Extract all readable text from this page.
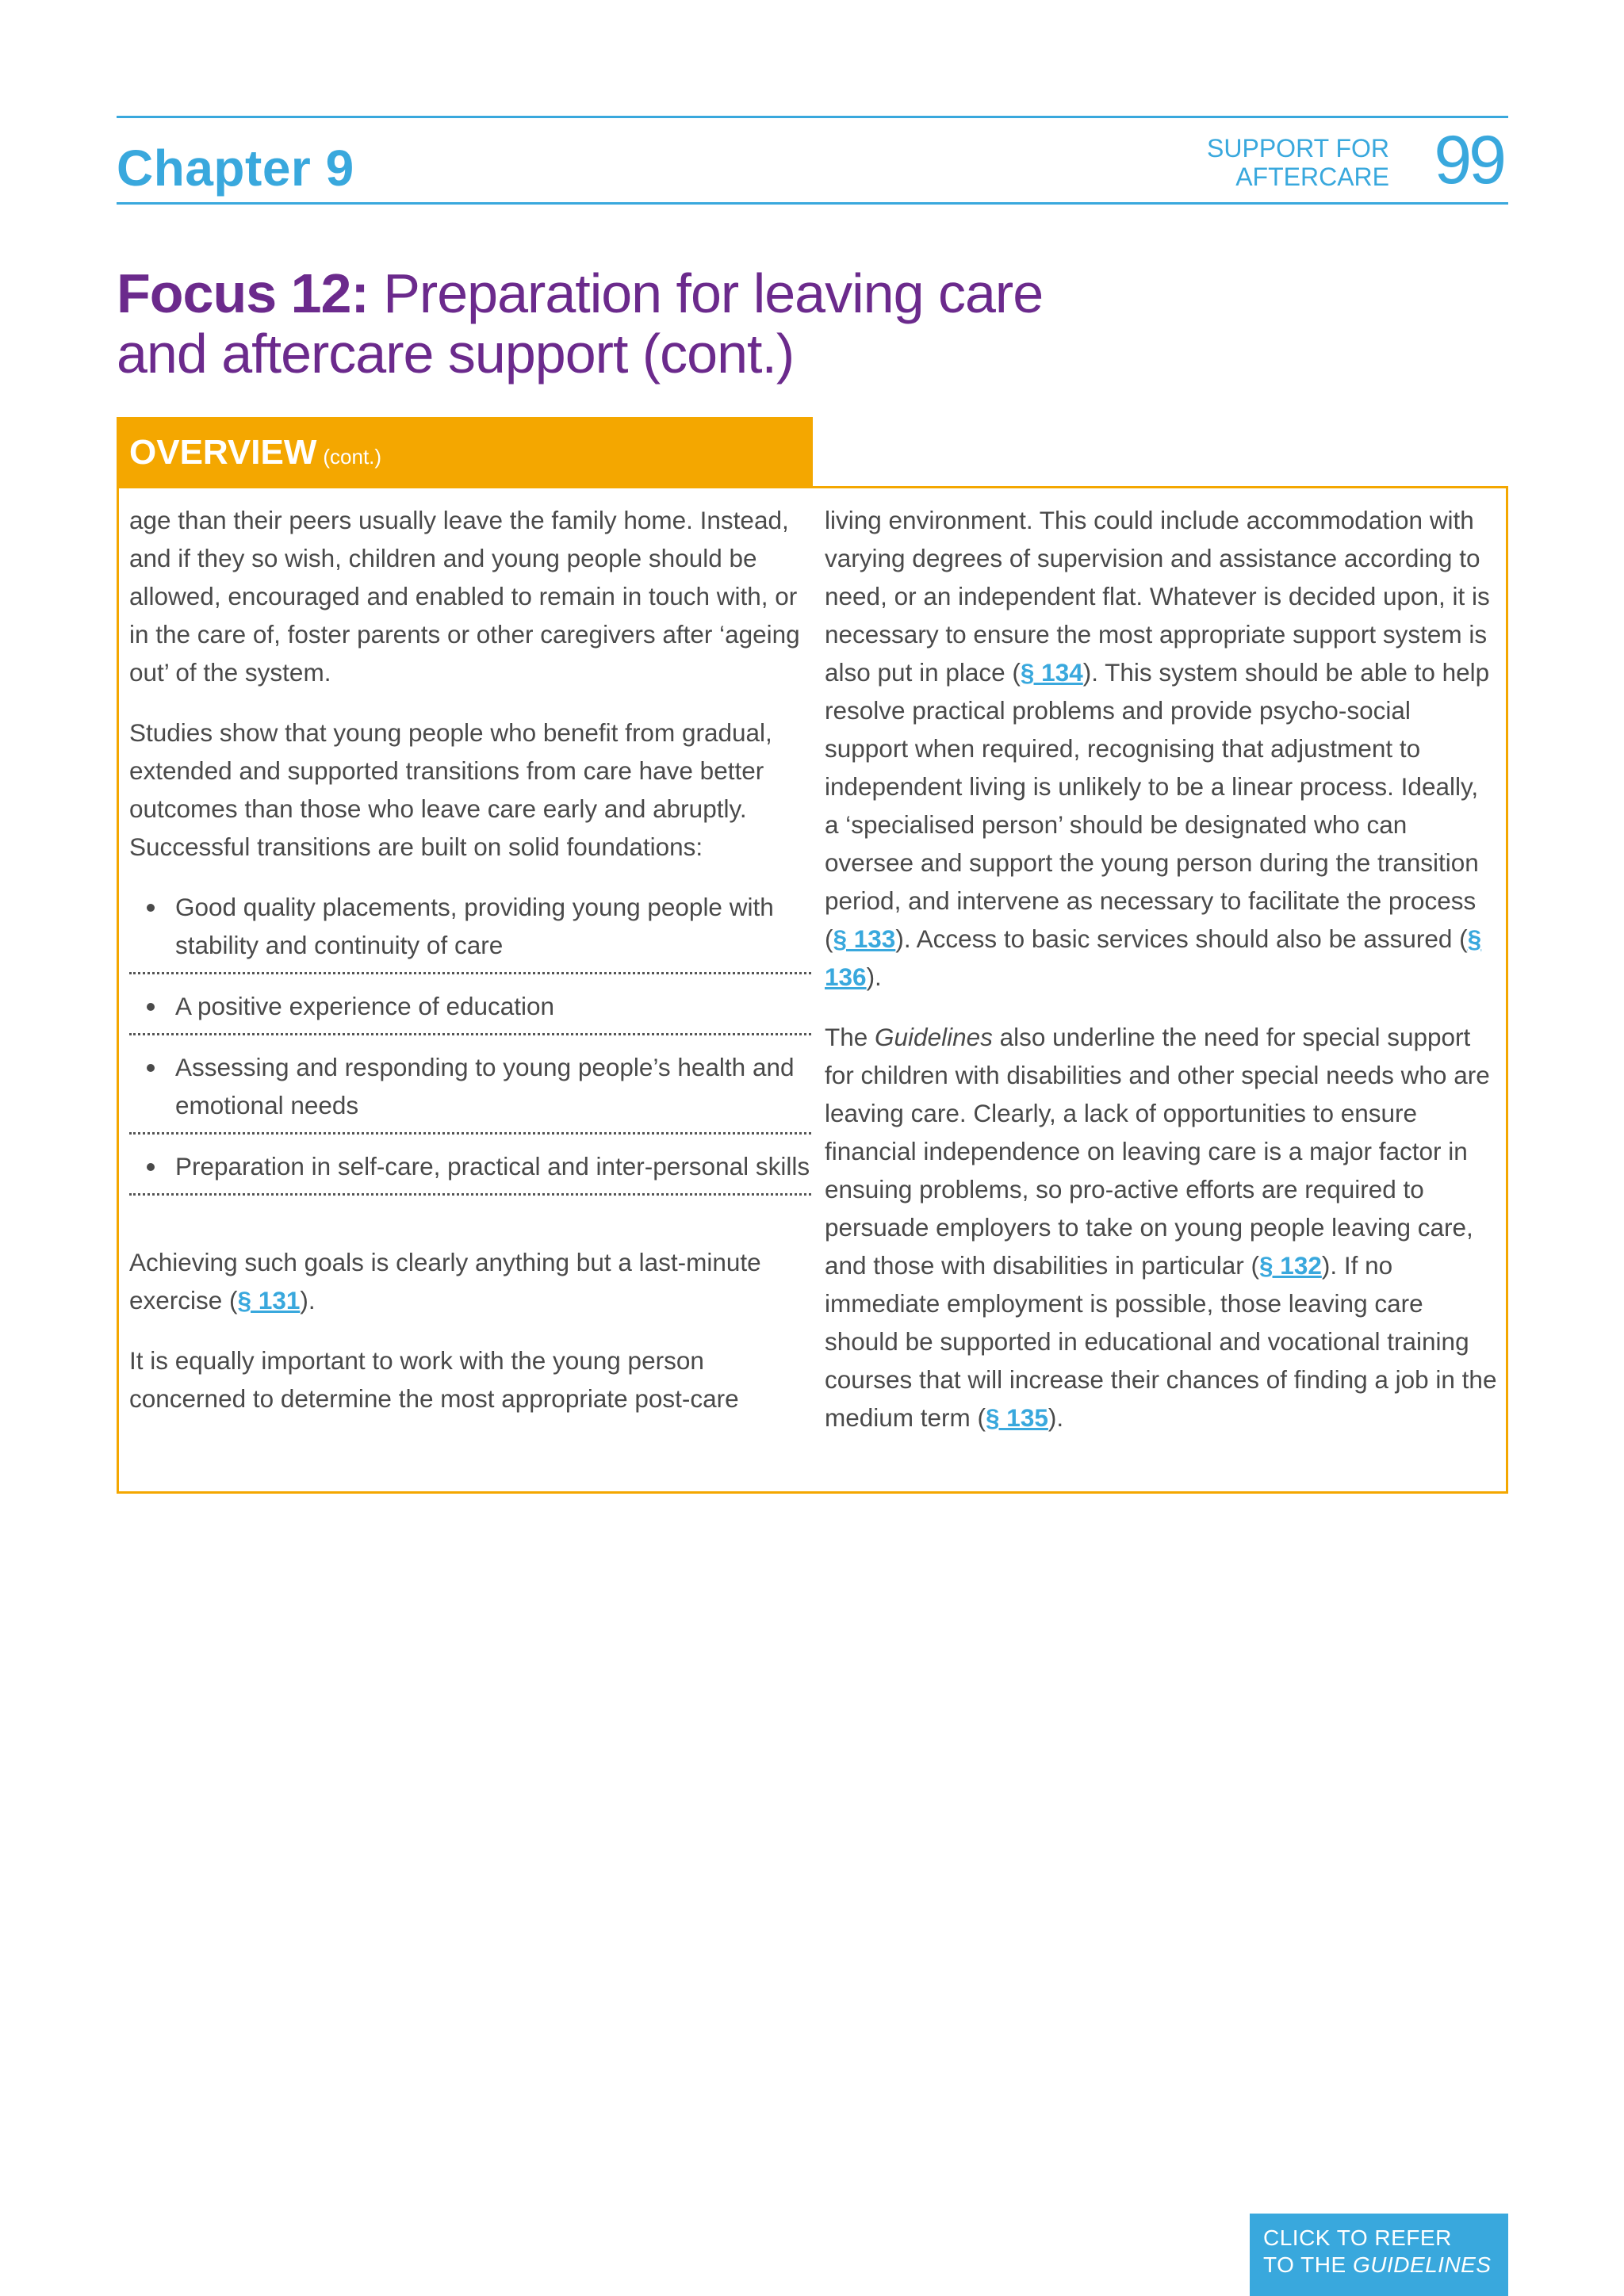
Chapter 9	SUPPORT FOR
AFTERCARE 99
Focus 12: Preparation for leaving care
and aftercare support (cont.)
OVERVIEW (cont.)

age than their peers usually leave the family home. Instead, and if they so wish, children and young people should be allowed, encouraged and enabled to remain in touch with, or in the care of, foster parents or other caregivers after ‘ageing out’ of the system.

Studies show that young people who benefit from gradual, extended and supported transitions from care have better outcomes than those who leave care early and abruptly. Successful transitions are built on solid foundations:

Good quality placements, providing young people with stability and continuity of care
A positive experience of education
Assessing and responding to young people’s health and emotional needs
Preparation in self-care, practical and inter-personal skills

Achieving such goals is clearly anything but a last-minute exercise (§ 131).

It is equally important to work with the young person concerned to determine the most appropriate post-care

living environment. This could include accommodation with varying degrees of supervision and assistance according to need, or an independent flat. Whatever is decided upon, it is necessary to ensure the most appropriate support system is also put in place (§ 134). This system should be able to help resolve practical problems and provide psycho-social support when required, recognising that adjustment to independent living is unlikely to be a linear process. Ideally, a ‘specialised person’ should be designated who can oversee and support the young person during the transition period, and intervene as necessary to facilitate the process (§ 133). Access to basic services should also be assured (§ 136).

The Guidelines also underline the need for special support for children with disabilities and other special needs who are leaving care. Clearly, a lack of opportunities to ensure financial independence on leaving care is a major factor in ensuing problems, so pro-active efforts are required to persuade employers to take on young people leaving care, and those with disabilities in particular (§ 132). If no immediate employment is possible, those leaving care should be supported in educational and vocational training courses that will increase their chances of finding a job in the medium term (§ 135).

CLICK TO REFER
TO THE GUIDELINES
